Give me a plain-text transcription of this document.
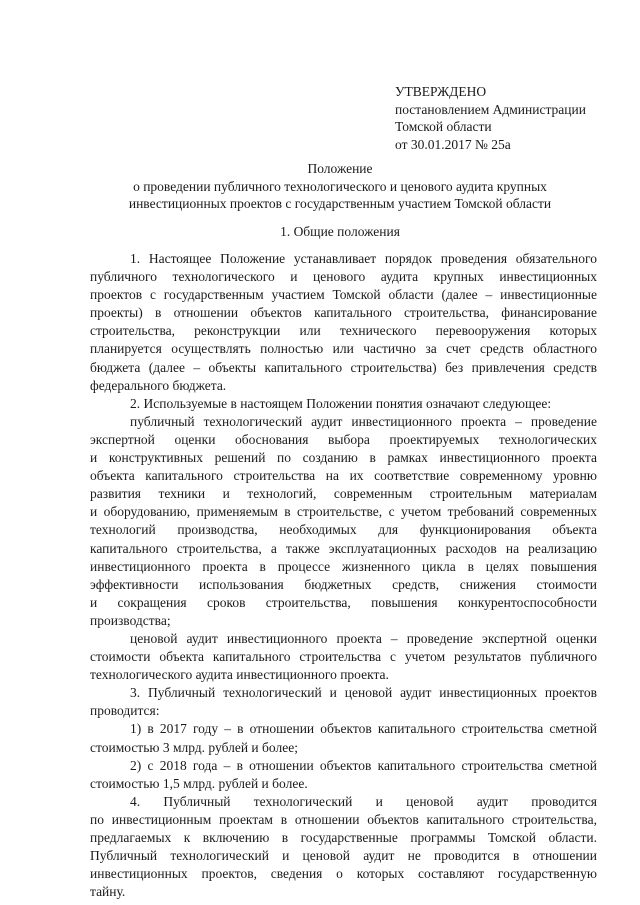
УТВЕРЖДЕНО
постановлением Администрации
Томской области
от 30.01.2017 № 25а
Положение
о проведении публичного технологического и ценового аудита крупных
инвестиционных проектов с государственным участием Томской области
1. Общие положения
1. Настоящее Положение устанавливает порядок проведения обязательного
публичного технологического и ценового аудита крупных инвестиционных
проектов с государственным участием Томской области (далее – инвестиционные
проекты) в отношении объектов капитального строительства, финансирование
строительства, реконструкции или технического перевооружения которых
планируется осуществлять полностью или частично за счет средств областного
бюджета (далее – объекты капитального строительства) без привлечения средств
федерального бюджета.
2. Используемые в настоящем Положении понятия означают следующее:
публичный технологический аудит инвестиционного проекта – проведение
экспертной оценки обоснования выбора проектируемых технологических
и конструктивных решений по созданию в рамках инвестиционного проекта
объекта капитального строительства на их соответствие современному уровню
развития техники и технологий, современным строительным материалам
и оборудованию, применяемым в строительстве, с учетом требований современных
технологий производства, необходимых для функционирования объекта
капитального строительства, а также эксплуатационных расходов на реализацию
инвестиционного проекта в процессе жизненного цикла в целях повышения
эффективности использования бюджетных средств, снижения стоимости
и сокращения сроков строительства, повышения конкурентоспособности
производства;
ценовой аудит инвестиционного проекта – проведение экспертной оценки
стоимости объекта капитального строительства с учетом результатов публичного
технологического аудита инвестиционного проекта.
3. Публичный технологический и ценовой аудит инвестиционных проектов
проводится:
1) в 2017 году – в отношении объектов капитального строительства сметной
стоимостью 3 млрд. рублей и более;
2) с 2018 года – в отношении объектов капитального строительства сметной
стоимостью 1,5 млрд. рублей и более.
4. Публичный технологический и ценовой аудит проводится
по инвестиционным проектам в отношении объектов капитального строительства,
предлагаемых к включению в государственные программы Томской области.
Публичный технологический и ценовой аудит не проводится в отношении
инвестиционных проектов, сведения о которых составляют государственную
тайну.
